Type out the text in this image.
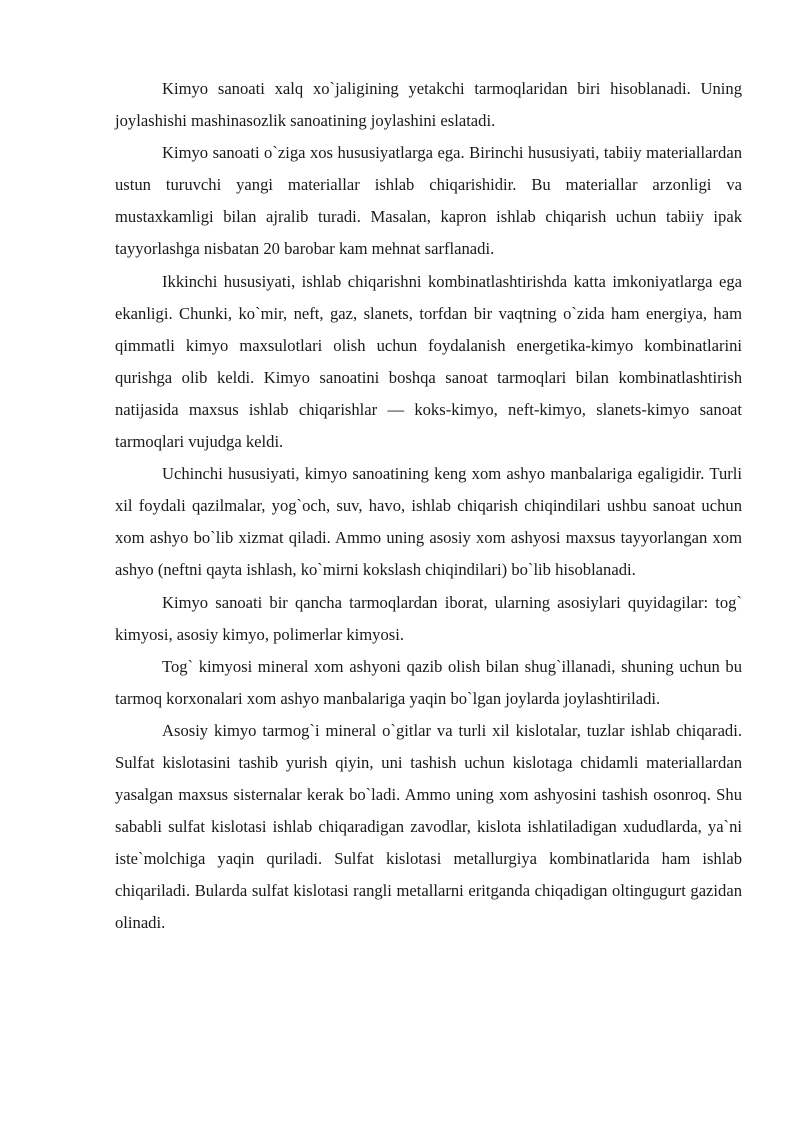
Kimyo sanoati xalq xo`jaligining yetakchi tarmoqlaridan biri hisoblanadi. Uning joylashishi mashinasozlik sanoatining joylashini eslatadi.

Kimyo sanoati o`ziga xos hususiyatlarga ega. Birinchi hususiyati, tabiiy materiallardan ustun turuvchi yangi materiallar ishlab chiqarishidir. Bu materiallar arzonligi va mustaxkamligi bilan ajralib turadi. Masalan, kapron ishlab chiqarish uchun tabiiy ipak tayyorlashga nisbatan 20 barobar kam mehnat sarflanadi.

Ikkinchi hususiyati, ishlab chiqarishni kombinatlashtirishda katta imkoniyatlarga ega ekanligi. Chunki, ko`mir, neft, gaz, slanets, torfdan bir vaqtning o`zida ham energiya, ham qimmatli kimyo maxsulotlari olish uchun foydalanish energetika-kimyo kombinatlarini qurishga olib keldi. Kimyo sanoatini boshqa sanoat tarmoqlari bilan kombinatlashtirish natijasida maxsus ishlab chiqarishlar — koks-kimyo, neft-kimyo, slanets-kimyo sanoat tarmoqlari vujudga keldi.

Uchinchi hususiyati, kimyo sanoatining keng xom ashyo manbalariga egaligidir. Turli xil foydali qazilmalar, yog`och, suv, havo, ishlab chiqarish chiqindilari ushbu sanoat uchun xom ashyo bo`lib xizmat qiladi. Ammo uning asosiy xom ashyosi maxsus tayyorlangan xom ashyo (neftni qayta ishlash, ko`mirni kokslash chiqindilari) bo`lib hisoblanadi.

Kimyo sanoati bir qancha tarmoqlardan iborat, ularning asosiylari quyidagilar: tog` kimyosi, asosiy kimyo, polimerlar kimyosi.

Tog` kimyosi mineral xom ashyoni qazib olish bilan shug`illanadi, shuning uchun bu tarmoq korxonalari xom ashyo manbalariga yaqin bo`lgan joylarda joylashtiriladi.

Asosiy kimyo tarmog`i mineral o`gitlar va turli xil kislotalar, tuzlar ishlab chiqaradi. Sulfat kislotasini tashib yurish qiyin, uni tashish uchun kislotaga chidamli materiallardan yasalgan maxsus sisternalar kerak bo`ladi. Ammo uning xom ashyosini tashish osonroq. Shu sababli sulfat kislotasi ishlab chiqaradigan zavodlar, kislota ishlatiladigan xududlarda, ya`ni iste`molchiga yaqin quriladi. Sulfat kislotasi metallurgiya kombinatlarida ham ishlab chiqariladi. Bularda sulfat kislotasi rangli metallarni eritganda chiqadigan oltingugurt gazidan olinadi.
